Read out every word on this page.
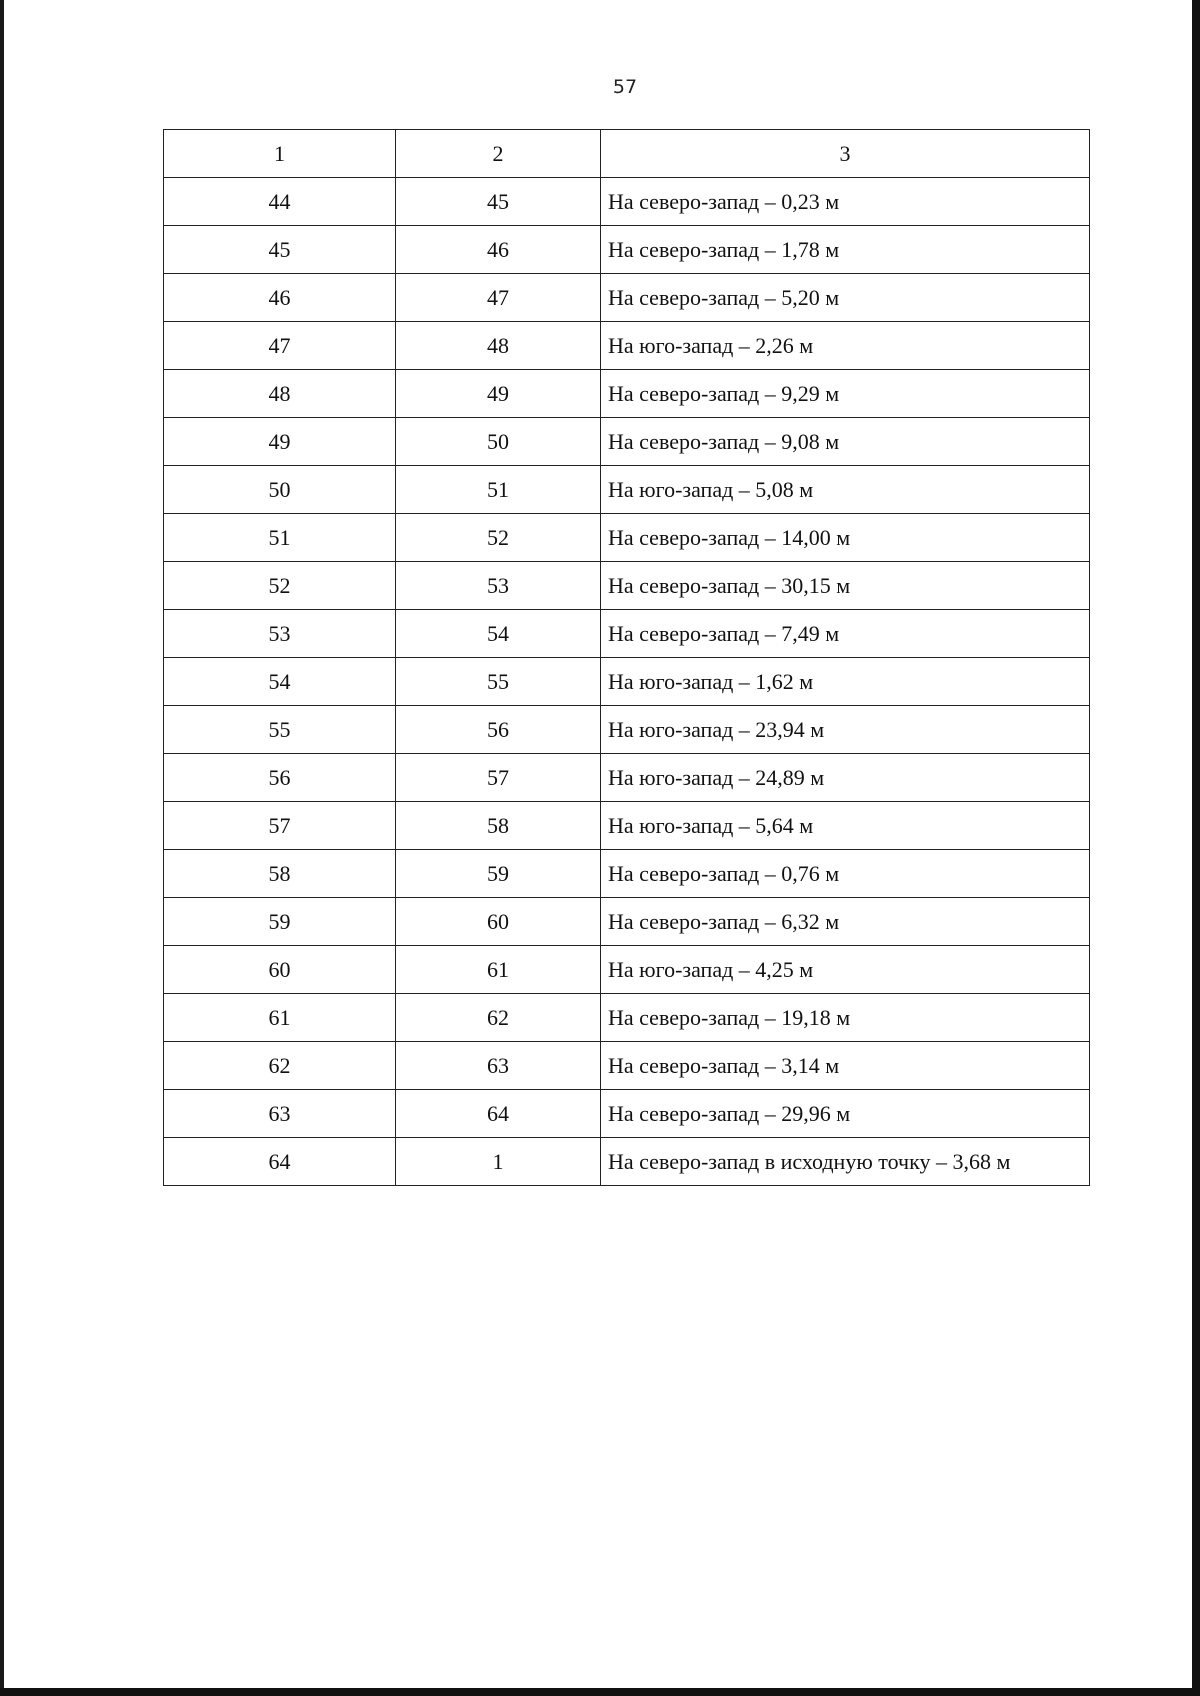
57
1	2	3
44	45	На северо-запад – 0,23 м
45	46	На северо-запад – 1,78 м
46	47	На северо-запад – 5,20 м
47	48	На юго-запад – 2,26 м
48	49	На северо-запад – 9,29 м
49	50	На северо-запад – 9,08 м
50	51	На юго-запад – 5,08 м
51	52	На северо-запад – 14,00 м
52	53	На северо-запад – 30,15 м
53	54	На северо-запад – 7,49 м
54	55	На юго-запад – 1,62 м
55	56	На юго-запад – 23,94 м
56	57	На юго-запад – 24,89 м
57	58	На юго-запад – 5,64 м
58	59	На северо-запад – 0,76 м
59	60	На северо-запад – 6,32 м
60	61	На юго-запад – 4,25 м
61	62	На северо-запад – 19,18 м
62	63	На северо-запад – 3,14 м
63	64	На северо-запад – 29,96 м
64	1	На северо-запад в исходную точку – 3,68 м
